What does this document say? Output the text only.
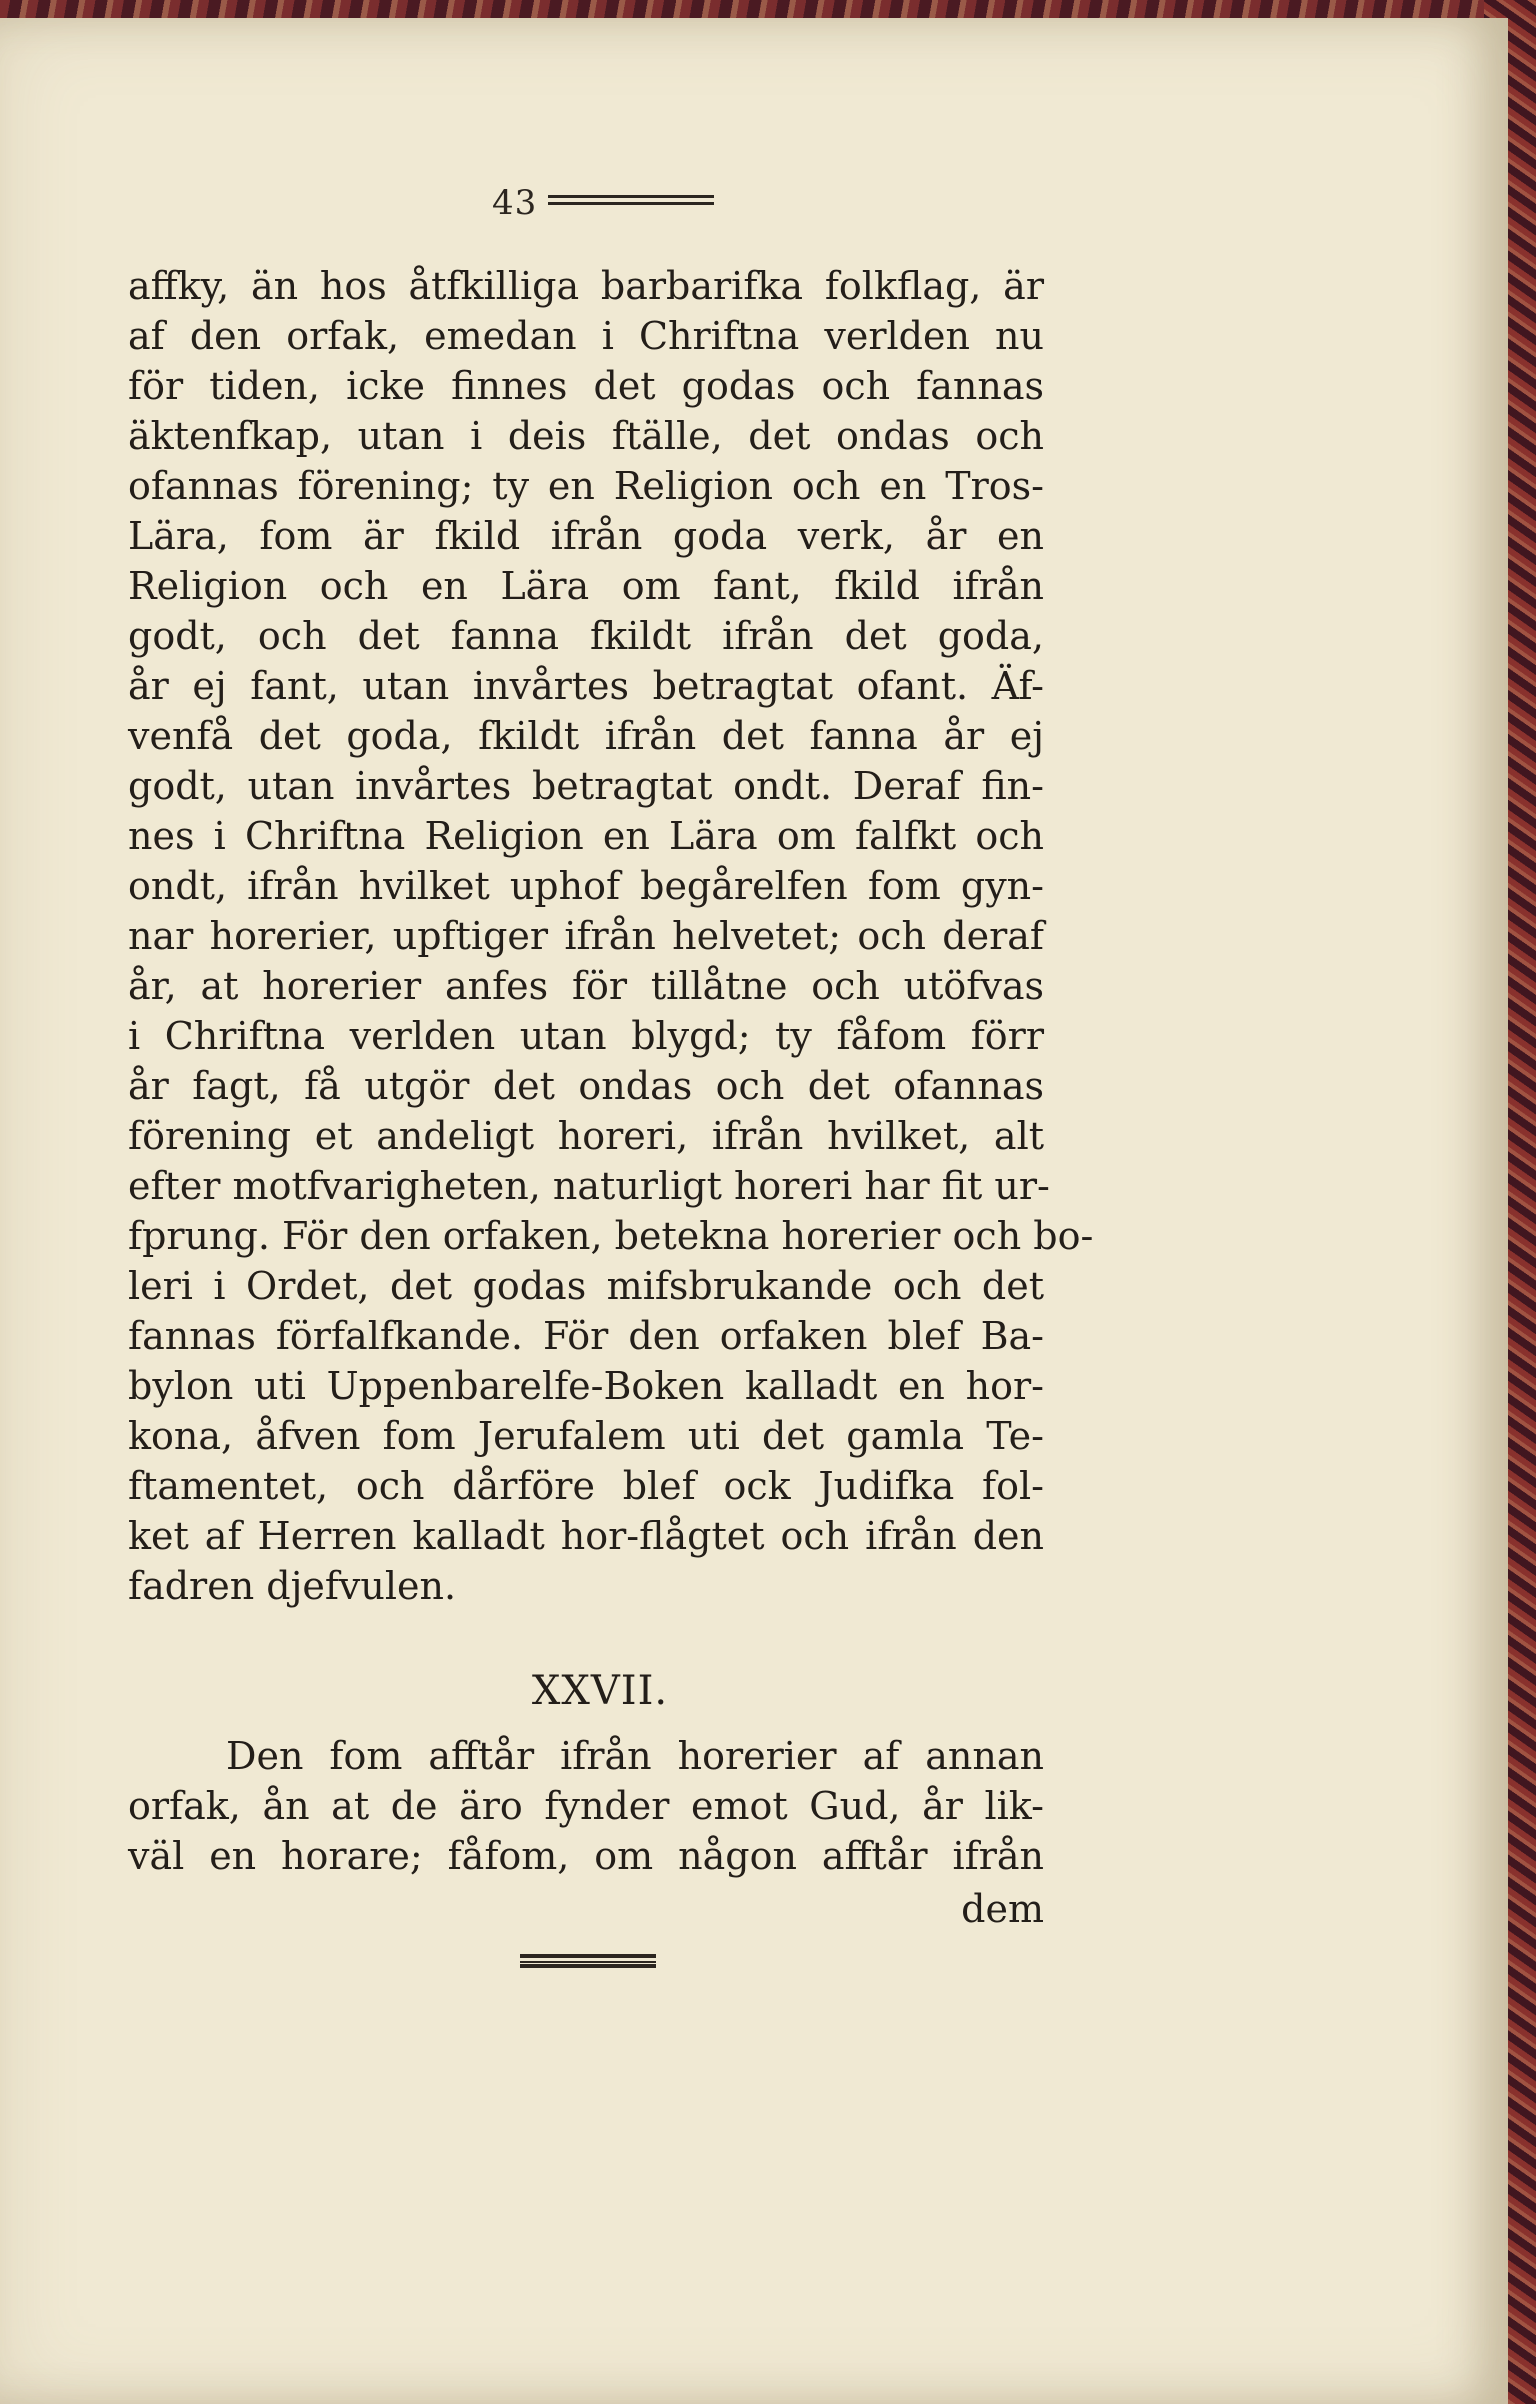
43
affky, än hos åtfkilliga barbarifka folkflag, är
af den orfak, emedan i Chriftna verlden nu
för tiden, icke finnes det godas och fannas
äktenfkap, utan i deis ftälle, det ondas och
ofannas förening; ty en Religion och en Tros-
Lära, fom är fkild ifrån goda verk, år en
Religion och en Lära om fant, fkild ifrån
godt, och det fanna fkildt ifrån det goda,
år ej fant, utan invårtes betragtat ofant. Äf-
venfå det goda, fkildt ifrån det fanna år ej
godt, utan invårtes betragtat ondt. Deraf fin-
nes i Chriftna Religion en Lära om falfkt och
ondt, ifrån hvilket uphof begårelfen fom gyn-
nar horerier, upftiger ifrån helvetet; och deraf
år, at horerier anfes för tillåtne och utöfvas
i Chriftna verlden utan blygd; ty fåfom förr
år fagt, få utgör det ondas och det ofannas
förening et andeligt horeri, ifrån hvilket, alt
efter motfvarigheten, naturligt horeri har fit ur-
fprung. För den orfaken, betekna horerier och bo-
leri i Ordet, det godas mifsbrukande och det
fannas förfalfkande. För den orfaken blef Ba-
bylon uti Uppenbarelfe-Boken kalladt en hor-
kona, åfven fom Jerufalem uti det gamla Te-
ftamentet, och dårföre blef ock Judifka fol-
ket af Herren kalladt hor-flågtet och ifrån den
fadren djefvulen.
XXVII.
Den fom afftår ifrån horerier af annan
orfak, ån at de äro fynder emot Gud, år lik-
väl en horare; fåfom, om någon afftår ifrån
dem
